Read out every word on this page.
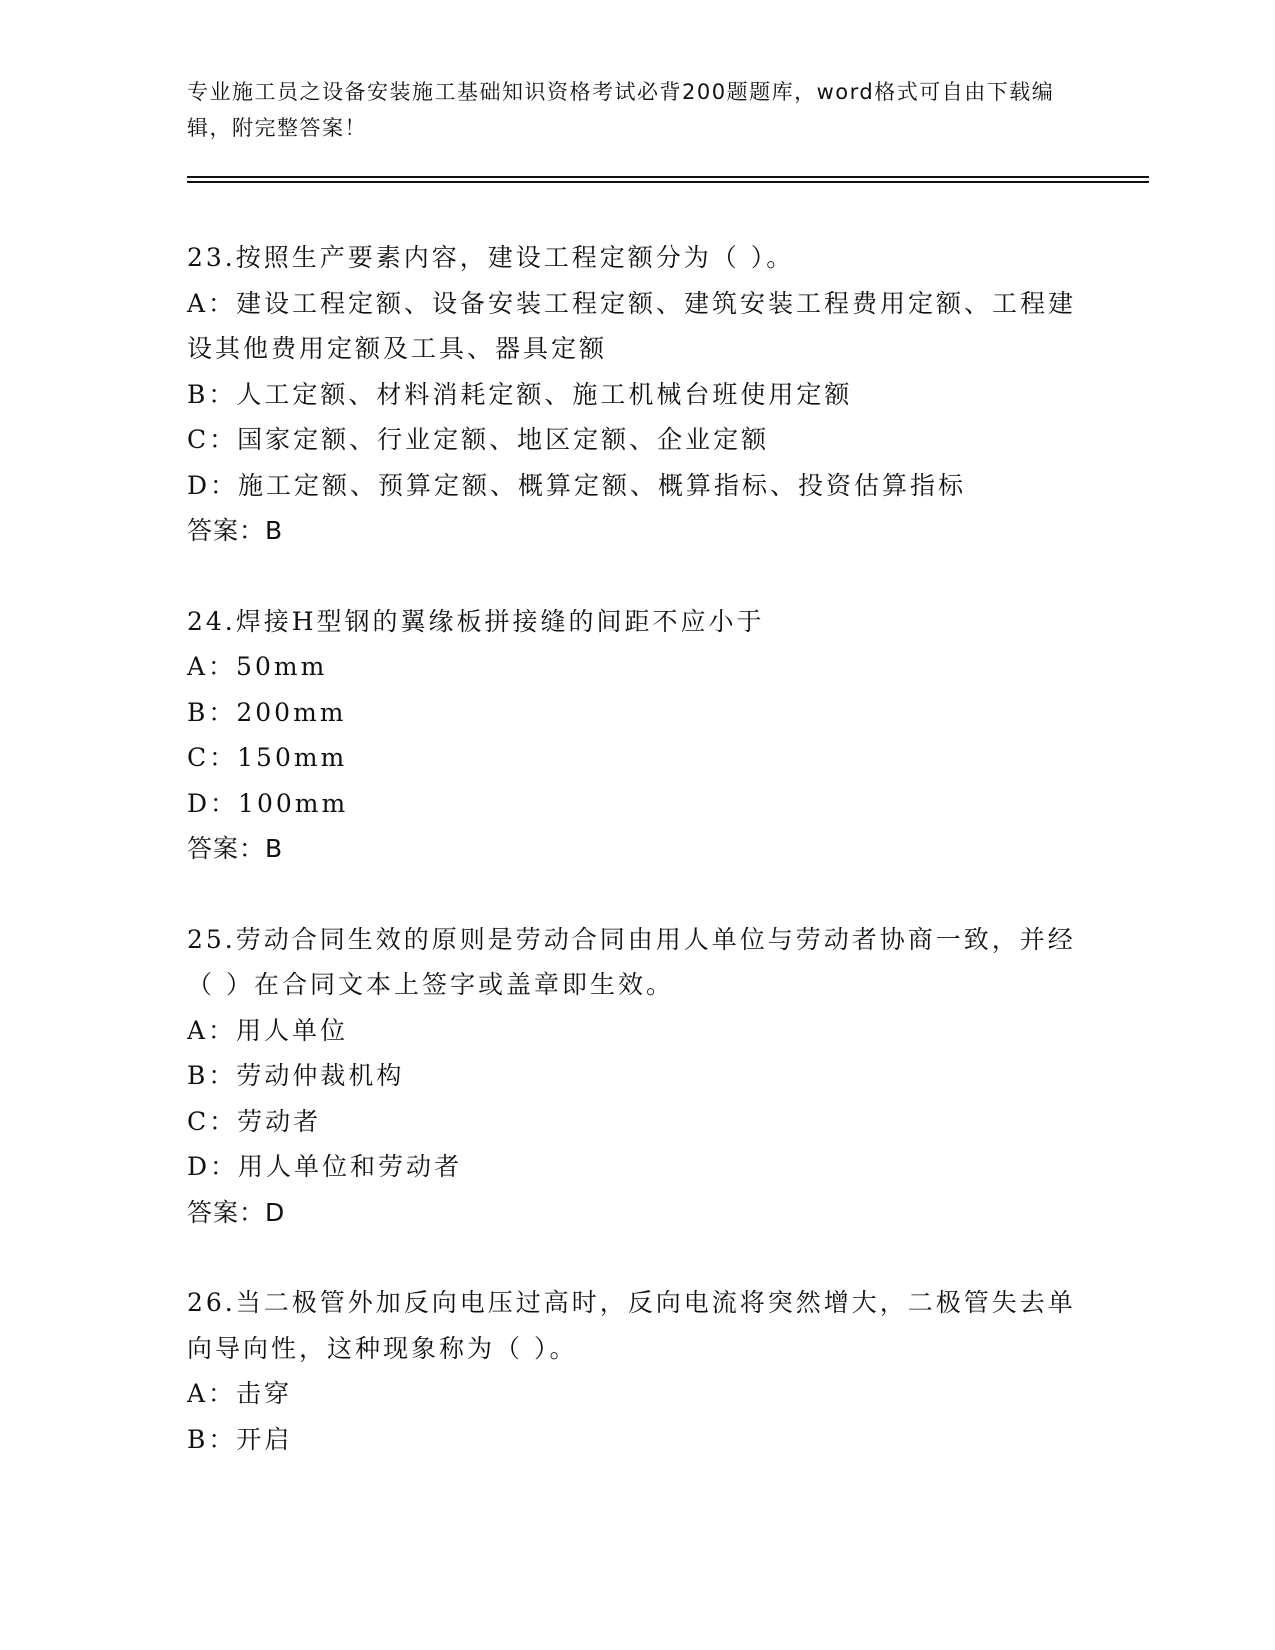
专业施工员之设备安装施工基础知识资格考试必背200题题库，word格式可自由下载编辑，附完整答案！

23.按照生产要素内容，建设工程定额分为（ ）。

A：建设工程定额、设备安装工程定额、建筑安装工程费用定额、工程建设其他费用定额及工具、器具定额

B：人工定额、材料消耗定额、施工机械台班使用定额

C：国家定额、行业定额、地区定额、企业定额

D：施工定额、预算定额、概算定额、概算指标、投资估算指标

答案：B

24.焊接H型钢的翼缘板拼接缝的间距不应小于

A：50mm

B：200mm

C：150mm

D：100mm

答案：B

25.劳动合同生效的原则是劳动合同由用人单位与劳动者协商一致，并经（ ）在合同文本上签字或盖章即生效。

A：用人单位

B：劳动仲裁机构

C：劳动者

D：用人单位和劳动者

答案：D

26.当二极管外加反向电压过高时，反向电流将突然增大，二极管失去单向导向性，这种现象称为（ ）。

A：击穿

B：开启
